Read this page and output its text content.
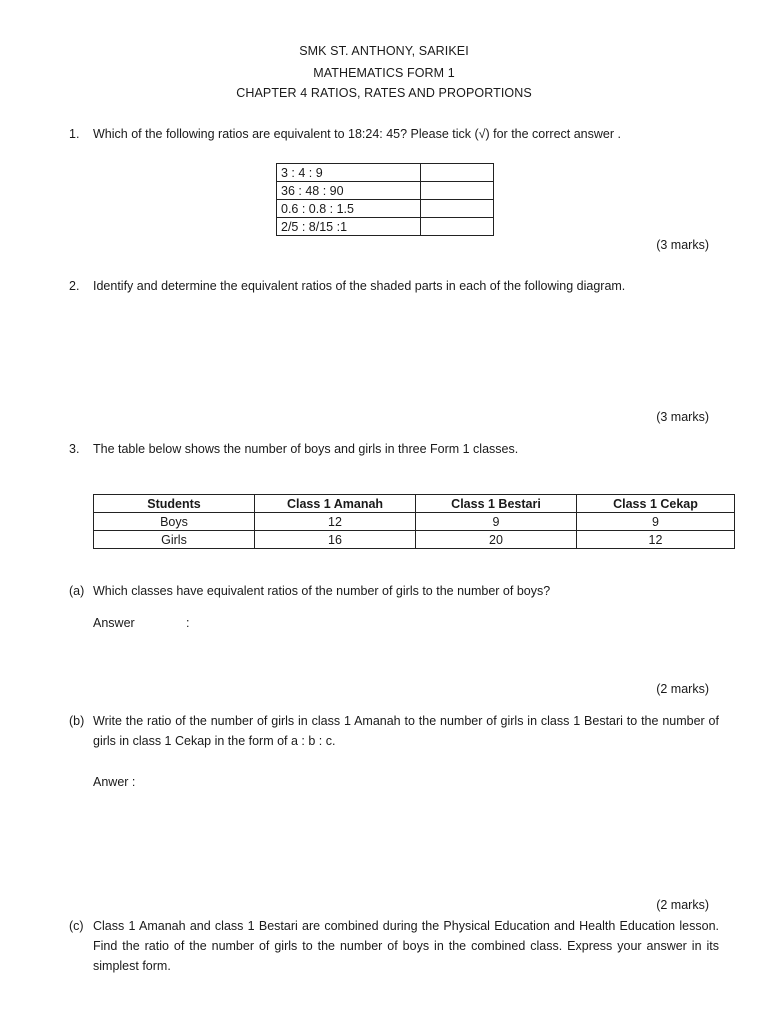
SMK ST. ANTHONY, SARIKEI
MATHEMATICS FORM 1
CHAPTER 4 RATIOS, RATES AND PROPORTIONS
1. Which of the following ratios are equivalent to 18:24: 45? Please tick (√) for the correct answer .
3 : 4 : 9	
36 : 48 : 90	
0.6 : 0.8 : 1.5	
2/5 : 8/15 :1	
(3 marks)
2. Identify and determine the equivalent ratios of the shaded parts in each of the following diagram.
(3 marks)
3. The table below shows the number of boys and girls in three Form 1 classes.
Students	Class 1 Amanah	Class 1 Bestari	Class 1 Cekap
Boys	12	9	9
Girls	16	20	12
(a) Which classes have equivalent ratios of the number of girls to the number of boys?
Answer	:
(2 marks)
(b) Write the ratio of the number of girls in class 1 Amanah to the number of girls in class 1 Bestari to the number of girls in class 1 Cekap in the form of a : b : c.
Anwer :
(2 marks)
(c) Class 1 Amanah and class 1 Bestari are combined during the Physical Education and Health Education lesson. Find the ratio of the number of girls to the number of boys in the combined class. Express your answer in its simplest form.
